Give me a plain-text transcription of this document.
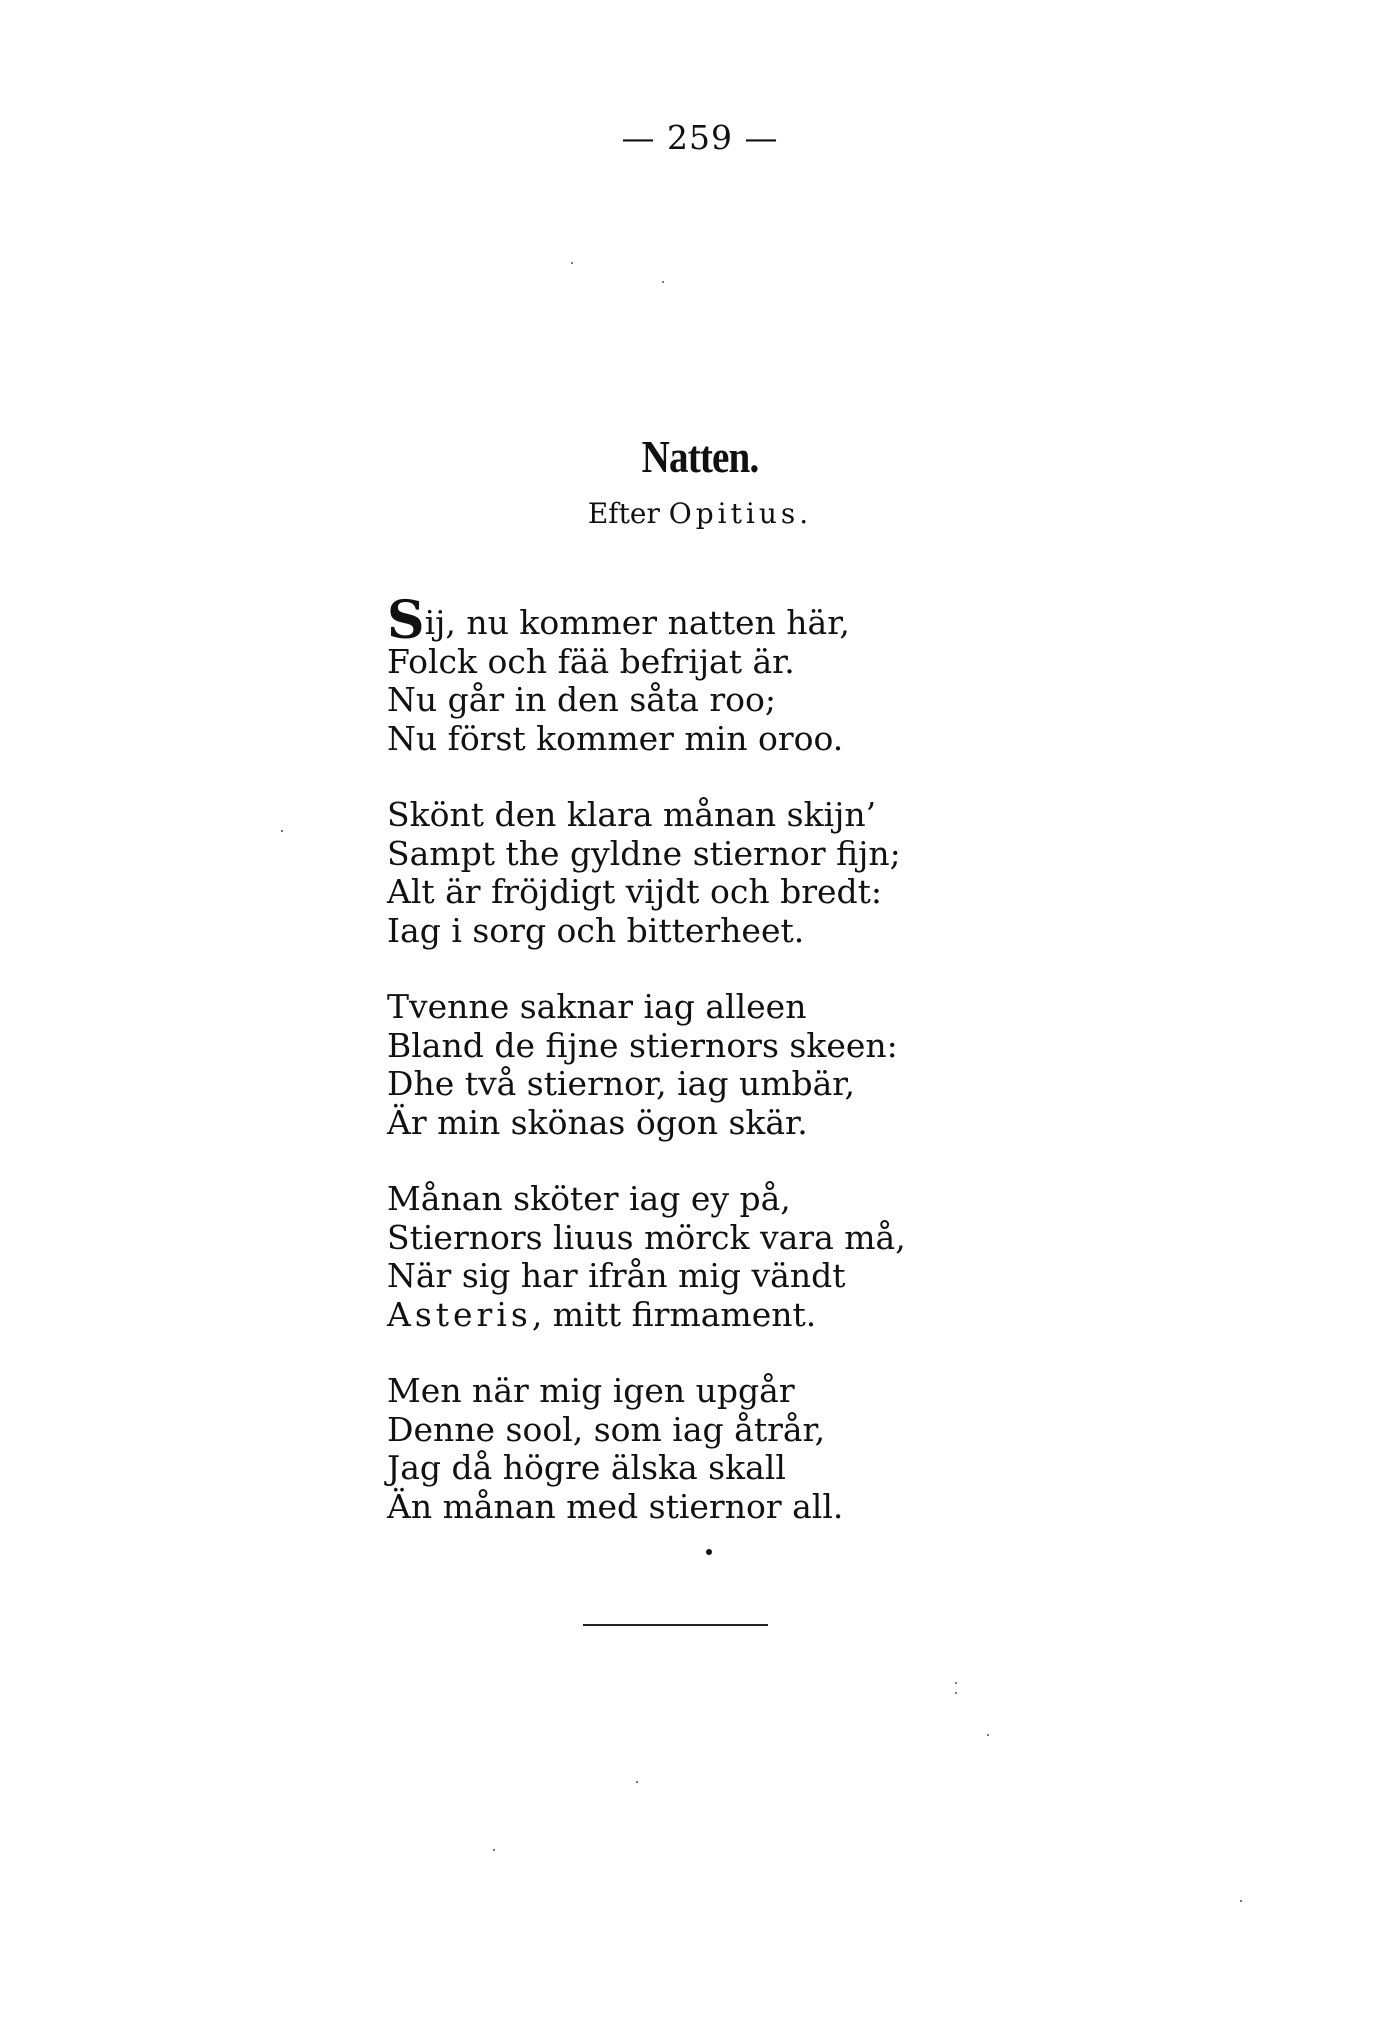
— 259 —
Natten.
Efter Opitius.
Sij, nu kommer natten här,
Folck och fää befrijat är.
Nu går in den såta roo;
Nu först kommer min oroo.
Skönt den klara månan skijn’
Sampt the gyldne stiernor fijn;
Alt är fröjdigt vijdt och bredt:
Iag i sorg och bitterheet.
Tvenne saknar iag alleen
Bland de fijne stiernors skeen:
Dhe två stiernor, iag umbär,
Är min skönas ögon skär.
Månan sköter iag ey på,
Stiernors liuus mörck vara må,
När sig har ifrån mig vändt
Asteris, mitt firmament.
Men när mig igen upgår
Denne sool, som iag åtrår,
Jag då högre älska skall
Än månan med stiernor all.
